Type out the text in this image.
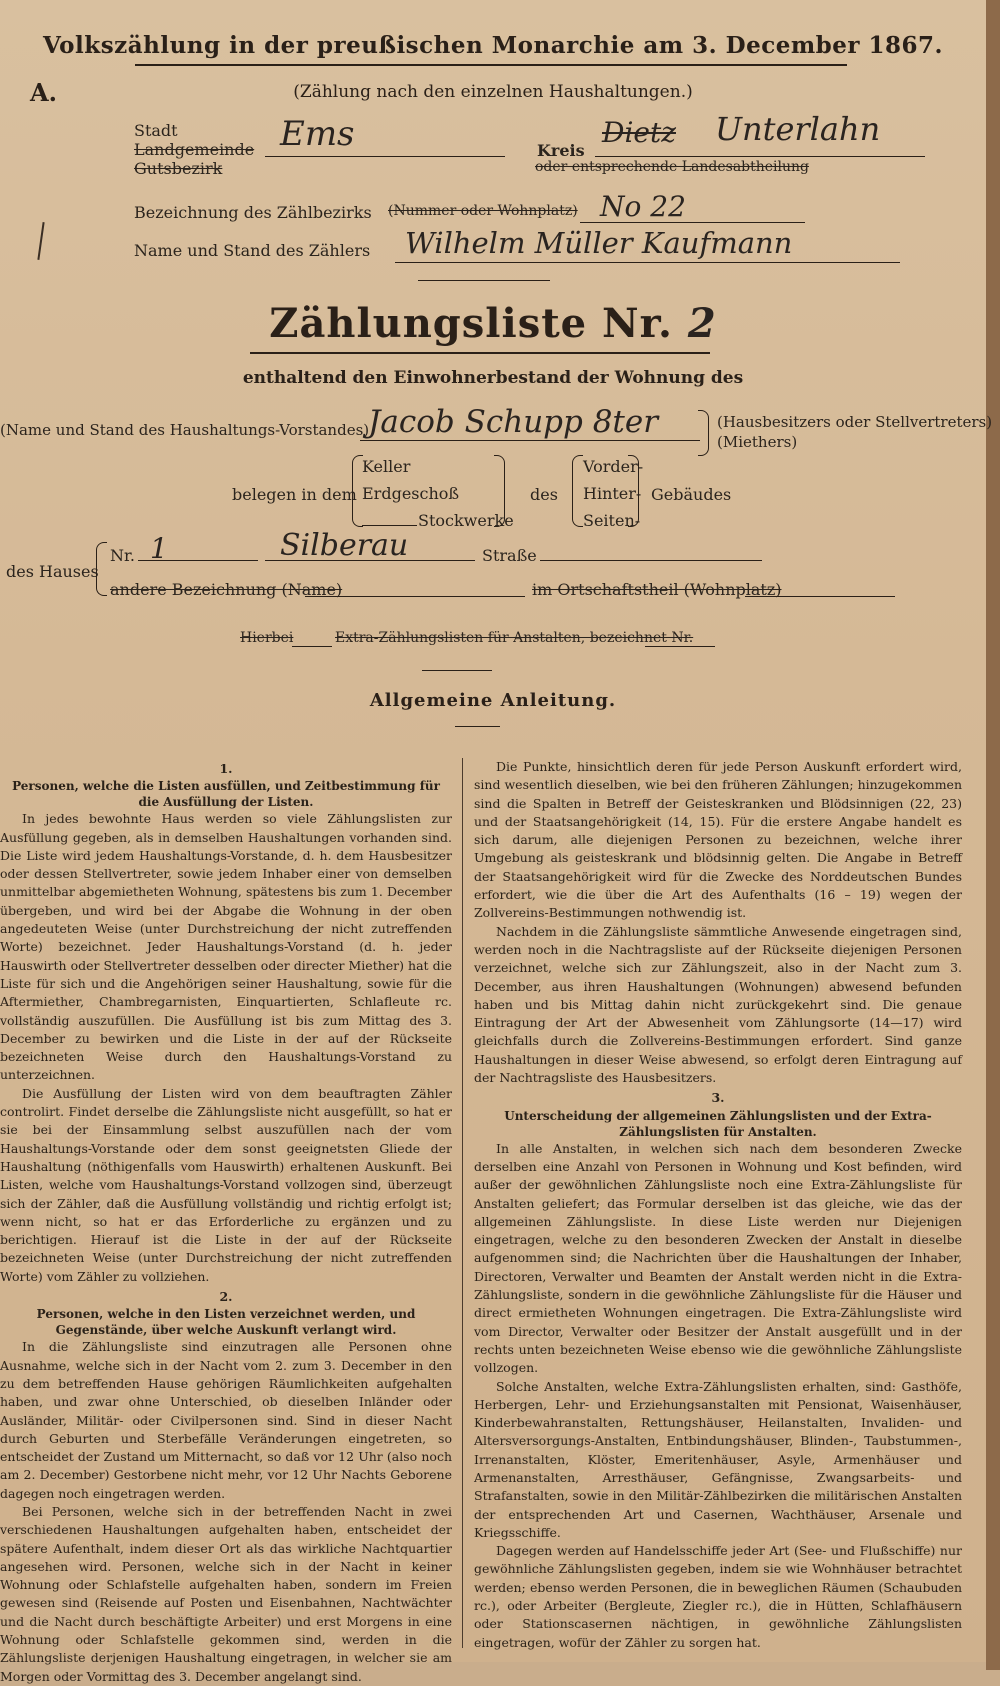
Volkszählung in der preußischen Monarchie am 3. December 1867.
A.	(Zählung nach den einzelnen Haushaltungen.)
Stadt
Landgemeinde
Gutsbezirk
Ems	Kreis
Dietz Unterlahn
oder entsprechende Landesabtheilung
Bezeichnung des Zählbezirks (Nummer oder Wohnplatz) No 22
Name und Stand des Zählers Wilhelm Müller Kaufmann
Zählungsliste Nr. 2
enthaltend den Einwohnerbestand der Wohnung des
(Name und Stand des Haushaltungs-Vorstandes)
Jacob Schupp 8ter	(Hausbesitzers oder Stellvertreters)
(Miethers)
belegen in dem
Keller
Erdgeschoß
Stockwerke
des
Vorder-
Hinter-
Seiten-
Gebäudes
des Hauses
Nr. 1	Silberau	Straße
andere Bezeichnung (Name)	im Ortschaftstheil (Wohnplatz)
Hierbei	Extra-Zählungslisten für Anstalten, bezeichnet Nr.
Allgemeine Anleitung.

1.

Personen, welche die Listen ausfüllen, und Zeitbestimmung für die Ausfüllung der Listen.

In jedes bewohnte Haus werden so viele Zählungslisten zur Ausfüllung gegeben, als in demselben Haushaltungen vorhanden sind. Die Liste wird jedem Haushaltungs-Vorstande, d. h. dem Hausbesitzer oder dessen Stellvertreter, sowie jedem Inhaber einer von demselben unmittelbar abgemietheten Wohnung, spätestens bis zum 1. December übergeben, und wird bei der Abgabe die Wohnung in der oben angedeuteten Weise (unter Durchstreichung der nicht zutreffenden Worte) bezeichnet. Jeder Haushaltungs-Vorstand (d. h. jeder Hauswirth oder Stellvertreter desselben oder directer Miether) hat die Liste für sich und die Angehörigen seiner Haushaltung, sowie für die Aftermiether, Chambregarnisten, Einquartierten, Schlafleute rc. vollständig auszufüllen. Die Ausfüllung ist bis zum Mittag des 3. December zu bewirken und die Liste in der auf der Rückseite bezeichneten Weise durch den Haushaltungs-Vorstand zu unterzeichnen.

Die Ausfüllung der Listen wird von dem beauftragten Zähler controlirt. Findet derselbe die Zählungsliste nicht ausgefüllt, so hat er sie bei der Einsammlung selbst auszufüllen nach der vom Haushaltungs-Vorstande oder dem sonst geeignetsten Gliede der Haushaltung (nöthigenfalls vom Hauswirth) erhaltenen Auskunft. Bei Listen, welche vom Haushaltungs-Vorstand vollzogen sind, überzeugt sich der Zähler, daß die Ausfüllung vollständig und richtig erfolgt ist; wenn nicht, so hat er das Erforderliche zu ergänzen und zu berichtigen. Hierauf ist die Liste in der auf der Rückseite bezeichneten Weise (unter Durchstreichung der nicht zutreffenden Worte) vom Zähler zu vollziehen.

2.

Personen, welche in den Listen verzeichnet werden, und Gegenstände, über welche Auskunft verlangt wird.

In die Zählungsliste sind einzutragen alle Personen ohne Ausnahme, welche sich in der Nacht vom 2. zum 3. December in den zu dem betreffenden Hause gehörigen Räumlichkeiten aufgehalten haben, und zwar ohne Unterschied, ob dieselben Inländer oder Ausländer, Militär- oder Civilpersonen sind. Sind in dieser Nacht durch Geburten und Sterbefälle Veränderungen eingetreten, so entscheidet der Zustand um Mitternacht, so daß vor 12 Uhr (also noch am 2. December) Gestorbene nicht mehr, vor 12 Uhr Nachts Geborene dagegen noch eingetragen werden.

Bei Personen, welche sich in der betreffenden Nacht in zwei verschiedenen Haushaltungen aufgehalten haben, entscheidet der spätere Aufenthalt, indem dieser Ort als das wirkliche Nachtquartier angesehen wird. Personen, welche sich in der Nacht in keiner Wohnung oder Schlafstelle aufgehalten haben, sondern im Freien gewesen sind (Reisende auf Posten und Eisenbahnen, Nachtwächter und die Nacht durch beschäftigte Arbeiter) und erst Morgens in eine Wohnung oder Schlafstelle gekommen sind, werden in die Zählungsliste derjenigen Haushaltung eingetragen, in welcher sie am Morgen oder Vormittag des 3. December angelangt sind.

Die Punkte, hinsichtlich deren für jede Person Auskunft erfordert wird, sind wesentlich dieselben, wie bei den früheren Zählungen; hinzugekommen sind die Spalten in Betreff der Geisteskranken und Blödsinnigen (22, 23) und der Staatsangehörigkeit (14, 15). Für die erstere Angabe handelt es sich darum, alle diejenigen Personen zu bezeichnen, welche ihrer Umgebung als geisteskrank und blödsinnig gelten. Die Angabe in Betreff der Staatsangehörigkeit wird für die Zwecke des Norddeutschen Bundes erfordert, wie die über die Art des Aufenthalts (16 – 19) wegen der Zollvereins-Bestimmungen nothwendig ist.

Nachdem in die Zählungsliste sämmtliche Anwesende eingetragen sind, werden noch in die Nachtragsliste auf der Rückseite diejenigen Personen verzeichnet, welche sich zur Zählungszeit, also in der Nacht zum 3. December, aus ihren Haushaltungen (Wohnungen) abwesend befunden haben und bis Mittag dahin nicht zurückgekehrt sind. Die genaue Eintragung der Art der Abwesenheit vom Zählungsorte (14—17) wird gleichfalls durch die Zollvereins-Bestimmungen erfordert. Sind ganze Haushaltungen in dieser Weise abwesend, so erfolgt deren Eintragung auf der Nachtragsliste des Hausbesitzers.

3.

Unterscheidung der allgemeinen Zählungslisten und der Extra-Zählungslisten für Anstalten.

In alle Anstalten, in welchen sich nach dem besonderen Zwecke derselben eine Anzahl von Personen in Wohnung und Kost befinden, wird außer der gewöhnlichen Zählungsliste noch eine Extra-Zählungsliste für Anstalten geliefert; das Formular derselben ist das gleiche, wie das der allgemeinen Zählungsliste. In diese Liste werden nur Diejenigen eingetragen, welche zu den besonderen Zwecken der Anstalt in dieselbe aufgenommen sind; die Nachrichten über die Haushaltungen der Inhaber, Directoren, Verwalter und Beamten der Anstalt werden nicht in die Extra-Zählungsliste, sondern in die gewöhnliche Zählungsliste für die Häuser und direct ermietheten Wohnungen eingetragen. Die Extra-Zählungsliste wird vom Director, Verwalter oder Besitzer der Anstalt ausgefüllt und in der rechts unten bezeichneten Weise ebenso wie die gewöhnliche Zählungsliste vollzogen.

Solche Anstalten, welche Extra-Zählungslisten erhalten, sind: Gasthöfe, Herbergen, Lehr- und Erziehungsanstalten mit Pensionat, Waisenhäuser, Kinderbewahranstalten, Rettungshäuser, Heilanstalten, Invaliden- und Altersversorgungs-Anstalten, Entbindungshäuser, Blinden-, Taubstummen-, Irrenanstalten, Klöster, Emeritenhäuser, Asyle, Armenhäuser und Armenanstalten, Arresthäuser, Gefängnisse, Zwangsarbeits- und Strafanstalten, sowie in den Militär-Zählbezirken die militärischen Anstalten der entsprechenden Art und Casernen, Wachthäuser, Arsenale und Kriegsschiffe.

Dagegen werden auf Handelsschiffe jeder Art (See- und Flußschiffe) nur gewöhnliche Zählungslisten gegeben, indem sie wie Wohnhäuser betrachtet werden; ebenso werden Personen, die in beweglichen Räumen (Schaubuden rc.), oder Arbeiter (Bergleute, Ziegler rc.), die in Hütten, Schlafhäusern oder Stationscasernen nächtigen, in gewöhnliche Zählungslisten eingetragen, wofür der Zähler zu sorgen hat.
